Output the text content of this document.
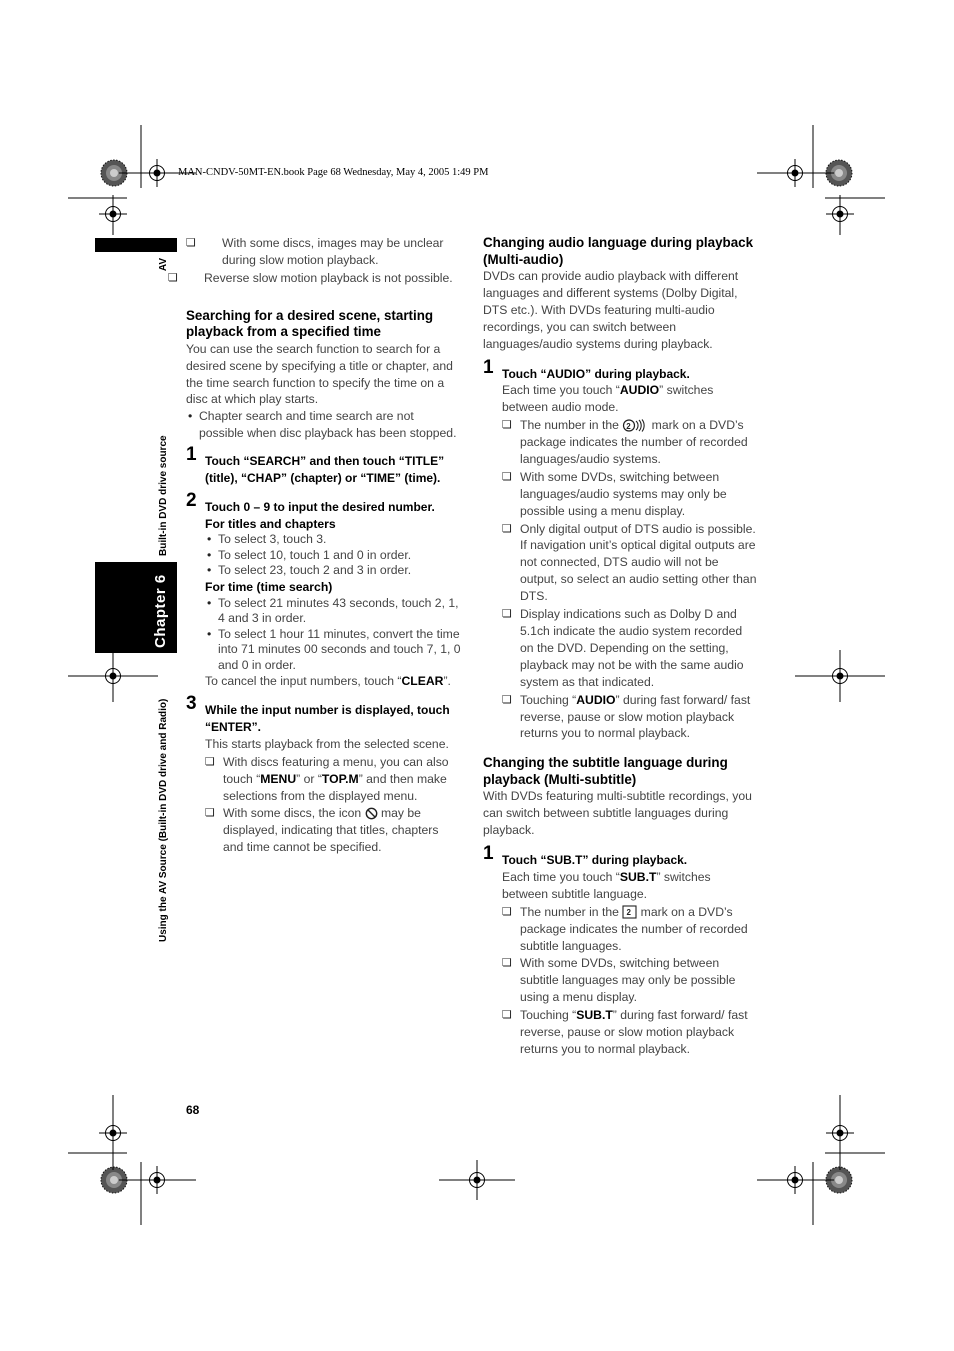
MAN-CNDV-50MT-EN.book Page 68 Wednesday, May 4, 2005 1:49 PM
AV
Built-in DVD drive source
Chapter 6
Using the AV Source (Built-in DVD drive and Radio)

❏ With some discs, images may be unclear during slow motion playback.

❏ Reverse slow motion playback is not possible.

Searching for a desired scene, starting playback from a specified time

You can use the search function to search for a desired scene by specifying a title or chapter, and the time search function to specify the time on a disc at which play starts.

• Chapter search and time search are not possible when disc playback has been stopped.

1 Touch “SEARCH” and then touch “TITLE” (title), “CHAP” (chapter) or “TIME” (time).
2 Touch 0 – 9 to input the desired number.

For titles and chapters

• To select 3, touch 3.

• To select 10, touch 1 and 0 in order.

• To select 23, touch 2 and 3 in order.

For time (time search)

• To select 21 minutes 43 seconds, touch 2, 1, 4 and 3 in order.

• To select 1 hour 11 minutes, convert the time into 71 minutes 00 seconds and touch 7, 1, 0 and 0 in order.

To cancel the input numbers, touch “CLEAR”.

3 While the input number is displayed, touch “ENTER”.

This starts playback from the selected scene.

❏ With discs featuring a menu, you can also touch “MENU” or “TOP.M” and then make selections from the displayed menu.

❏ With some discs, the icon  may be displayed, indicating that titles, chapters and time cannot be specified.

Changing audio language during playback (Multi-audio)

DVDs can provide audio playback with different languages and different systems (Dolby Digital, DTS etc.). With DVDs featuring multi-audio recordings, you can switch between languages/audio systems during playback.

1 Touch “AUDIO” during playback.

Each time you touch “AUDIO” switches between audio mode.

❏ The number in the 2 mark on a DVD’s package indicates the number of recorded languages/audio systems.

❏ With some DVDs, switching between languages/audio systems may only be possible using a menu display.

❏ Only digital output of DTS audio is possible. If navigation unit’s optical digital outputs are not connected, DTS audio will not be output, so select an audio setting other than DTS.

❏ Display indications such as Dolby D and 5.1ch indicate the audio system recorded on the DVD. Depending on the setting, playback may not be with the same audio system as that indicated.

❏ Touching “AUDIO” during fast forward/ fast reverse, pause or slow motion playback returns you to normal playback.

Changing the subtitle language during playback (Multi-subtitle)

With DVDs featuring multi-subtitle recordings, you can switch between subtitle languages during playback.

1 Touch “SUB.T” during playback.

Each time you touch “SUB.T” switches between subtitle language.

❏ The number in the 2 mark on a DVD’s package indicates the number of recorded subtitle languages.

❏ With some DVDs, switching between subtitle languages may only be possible using a menu display.

❏ Touching “SUB.T” during fast forward/ fast reverse, pause or slow motion playback returns you to normal playback.

68
